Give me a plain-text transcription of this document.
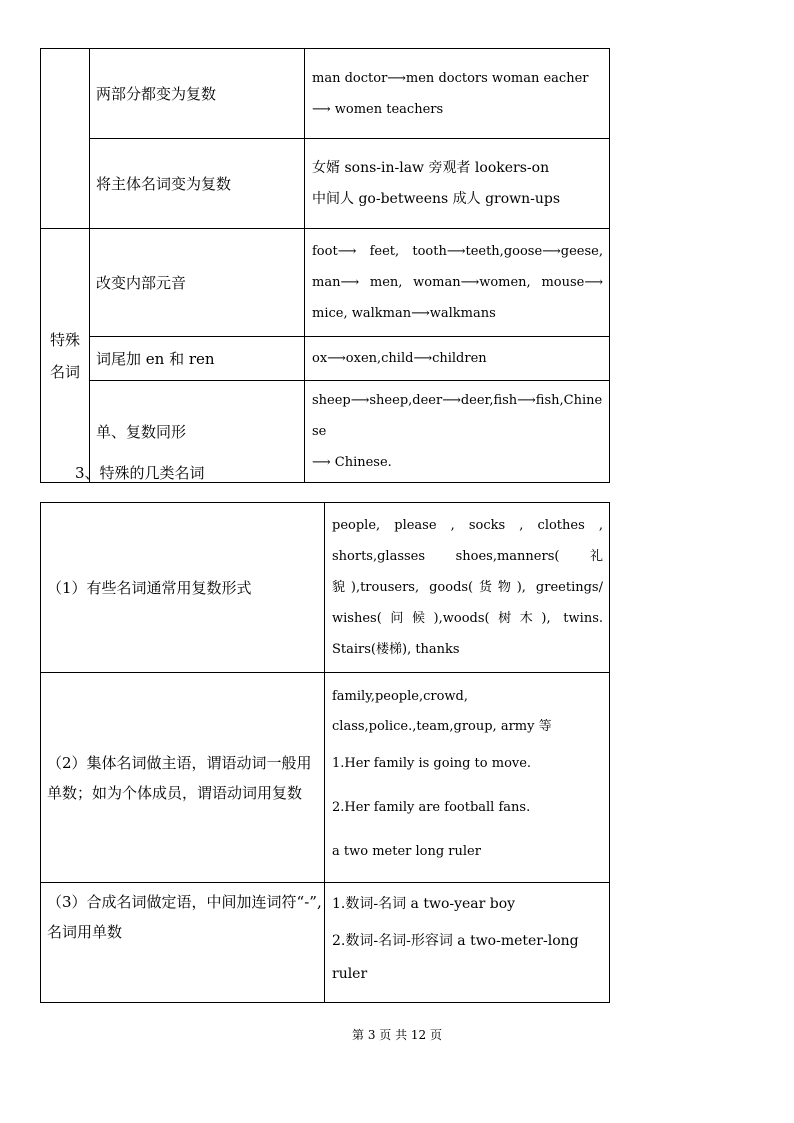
	两部分都变为复数	man doctor⟶men doctors woman eacher
⟶ women teachers

	将主体名词变为复数	女婿 sons-in-law 旁观者 lookers-on
中间人 go-betweens 成人 grown-ups

特殊名词	改变内部元音	foot⟶ feet, tooth⟶teeth,goose⟶geese,
man⟶ men, woman⟶women, mouse⟶
mice, walkman⟶walkmans

	词尾加 en 和 ren	ox⟶oxen,child⟶children

	单、复数同形	sheep⟶sheep,deer⟶deer,fish⟶fish,Chinese
⟶ Chinese.
3、特殊的几类名词
（1）有些名词通常用复数形式	people, please , socks , clothes ,
shorts,glasses shoes,manners( 礼
貌),trousers, goods(货物), greetings/
wishes(问候),woods(树木), twins.
Stairs(楼梯), thanks

（2）集体名词做主语，谓语动词一般用单数；如为个体成员，谓语动词用复数	family,people,crowd,
class,police.,team,group, army 等
1.Her family is going to move.
2.Her family are football fans.
a two meter long ruler

（3）合成名词做定语，中间加连词符“-”,名词用单数	1.数词-名词 a two-year boy
2.数词-名词-形容词 a two-meter-long
ruler
第 3 页 共 12 页
